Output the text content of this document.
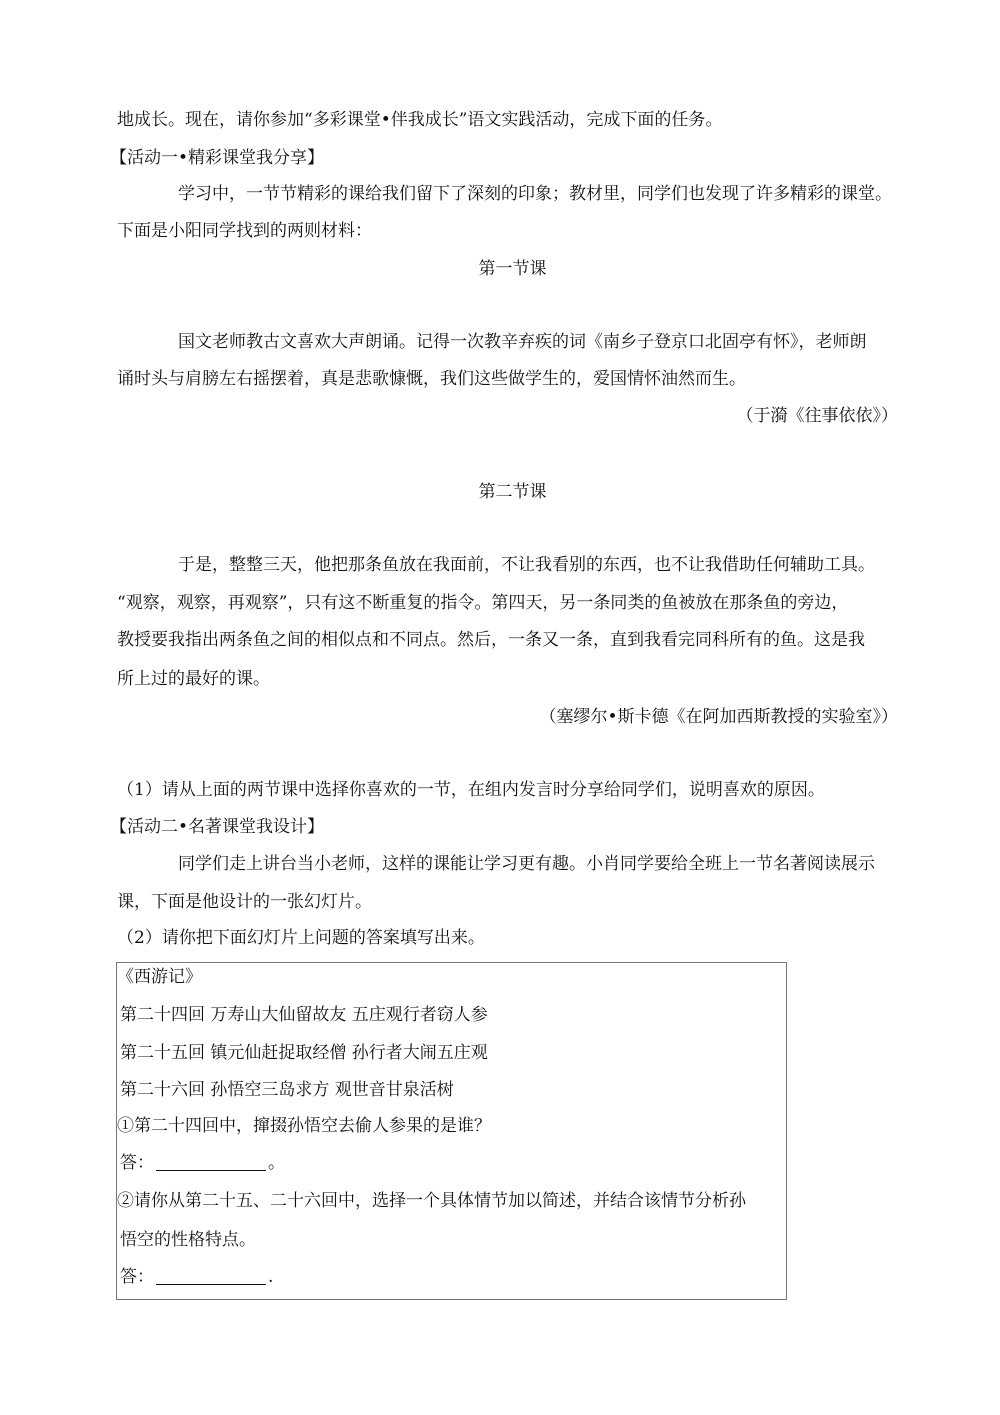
地成长。现在，请你参加“多彩课堂•伴我成长”语文实践活动，完成下面的任务。
【活动一•精彩课堂我分享】
学习中，一节节精彩的课给我们留下了深刻的印象；教材里，同学们也发现了许多精彩的课堂。
下面是小阳同学找到的两则材料：
第一节课
国文老师教古文喜欢大声朗诵。记得一次教辛弃疾的词《南乡子登京口北固亭有怀》，老师朗
诵时头与肩膀左右摇摆着，真是悲歌慷慨，我们这些做学生的，爱国情怀油然而生。
（于漪《往事依依》）
第二节课
于是，整整三天，他把那条鱼放在我面前，不让我看别的东西，也不让我借助任何辅助工具。
“观察，观察，再观察”，只有这不断重复的指令。第四天，另一条同类的鱼被放在那条鱼的旁边，
教授要我指出两条鱼之间的相似点和不同点。然后，一条又一条，直到我看完同科所有的鱼。这是我
所上过的最好的课。
（塞缪尔•斯卡德《在阿加西斯教授的实验室》）
（1）请从上面的两节课中选择你喜欢的一节，在组内发言时分享给同学们，说明喜欢的原因。
【活动二•名著课堂我设计】
同学们走上讲台当小老师，这样的课能让学习更有趣。小肖同学要给全班上一节名著阅读展示
课，下面是他设计的一张幻灯片。
（2）请你把下面幻灯片上问题的答案填写出来。
《西游记》
第二十四回 万寿山大仙留故友 五庄观行者窃人参
第二十五回 镇元仙赶捉取经僧 孙行者大闹五庄观
第二十六回 孙悟空三岛求方 观世音甘泉活树
①第二十四回中，撺掇孙悟空去偷人参果的是谁？
答：	。
②请你从第二十五、二十六回中，选择一个具体情节加以简述，并结合该情节分析孙
悟空的性格特点。
答：	.
